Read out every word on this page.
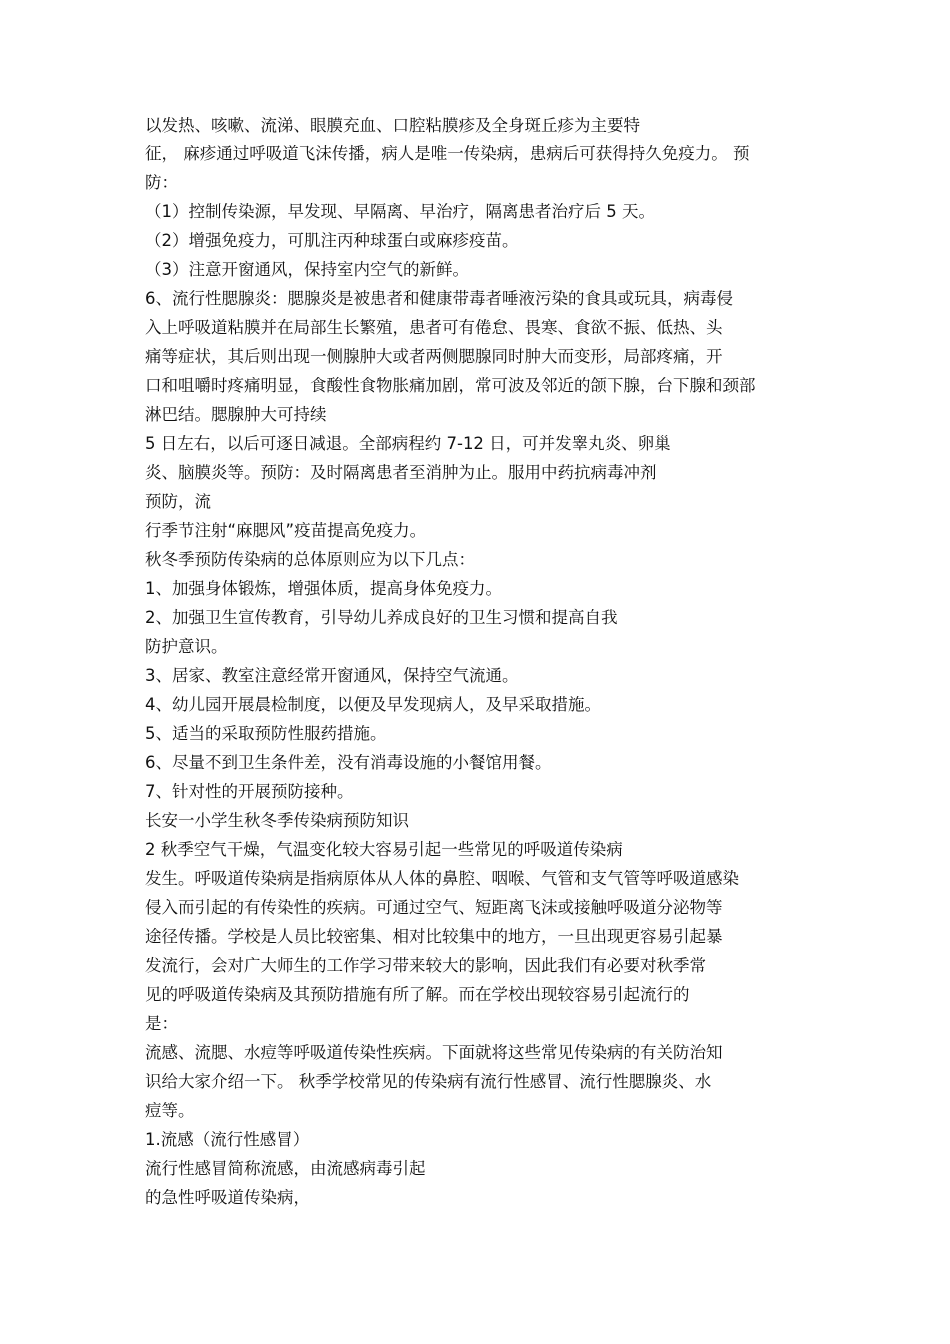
以发热、咳嗽、流涕、眼膜充血、口腔粘膜疹及全身斑丘疹为主要特
征， 麻疹通过呼吸道飞沫传播，病人是唯一传染病，患病后可获得持久免疫力。 预
防：
（1）控制传染源，早发现、早隔离、早治疗，隔离患者治疗后 5 天。
（2）增强免疫力，可肌注丙种球蛋白或麻疹疫苗。
（3）注意开窗通风，保持室内空气的新鲜。
6、流行性腮腺炎：腮腺炎是被患者和健康带毒者唾液污染的食具或玩具，病毒侵
入上呼吸道粘膜并在局部生长繁殖，患者可有倦怠、畏寒、食欲不振、低热、头
痛等症状，其后则出现一侧腺肿大或者两侧腮腺同时肿大而变形，局部疼痛，开
口和咀嚼时疼痛明显，食酸性食物胀痛加剧，常可波及邻近的颌下腺，台下腺和颈部
淋巴结。腮腺肿大可持续
5 日左右，以后可逐日减退。全部病程约 7-12 日，可并发睾丸炎、卵巢
炎、脑膜炎等。预防：及时隔离患者至消肿为止。服用中药抗病毒冲剂
预防，流
行季节注射“麻腮风”疫苗提高免疫力。
秋冬季预防传染病的总体原则应为以下几点：
1、加强身体锻炼，增强体质，提高身体免疫力。
2、加强卫生宣传教育，引导幼儿养成良好的卫生习惯和提高自我
防护意识。
3、居家、教室注意经常开窗通风，保持空气流通。
4、幼儿园开展晨检制度，以便及早发现病人，及早采取措施。
5、适当的采取预防性服药措施。
6、尽量不到卫生条件差，没有消毒设施的小餐馆用餐。
7、针对性的开展预防接种。
长安一小学生秋冬季传染病预防知识
2 秋季空气干燥，气温变化较大容易引起一些常见的呼吸道传染病
发生。呼吸道传染病是指病原体从人体的鼻腔、咽喉、气管和支气管等呼吸道感染
侵入而引起的有传染性的疾病。可通过空气、短距离飞沫或接触呼吸道分泌物等
途径传播。学校是人员比较密集、相对比较集中的地方，一旦出现更容易引起暴
发流行，会对广大师生的工作学习带来较大的影响，因此我们有必要对秋季常
见的呼吸道传染病及其预防措施有所了解。而在学校出现较容易引起流行的
是：
流感、流腮、水痘等呼吸道传染性疾病。下面就将这些常见传染病的有关防治知
识给大家介绍一下。 秋季学校常见的传染病有流行性感冒、流行性腮腺炎、水
痘等。
1.流感（流行性感冒）
流行性感冒简称流感，由流感病毒引起
的急性呼吸道传染病，
